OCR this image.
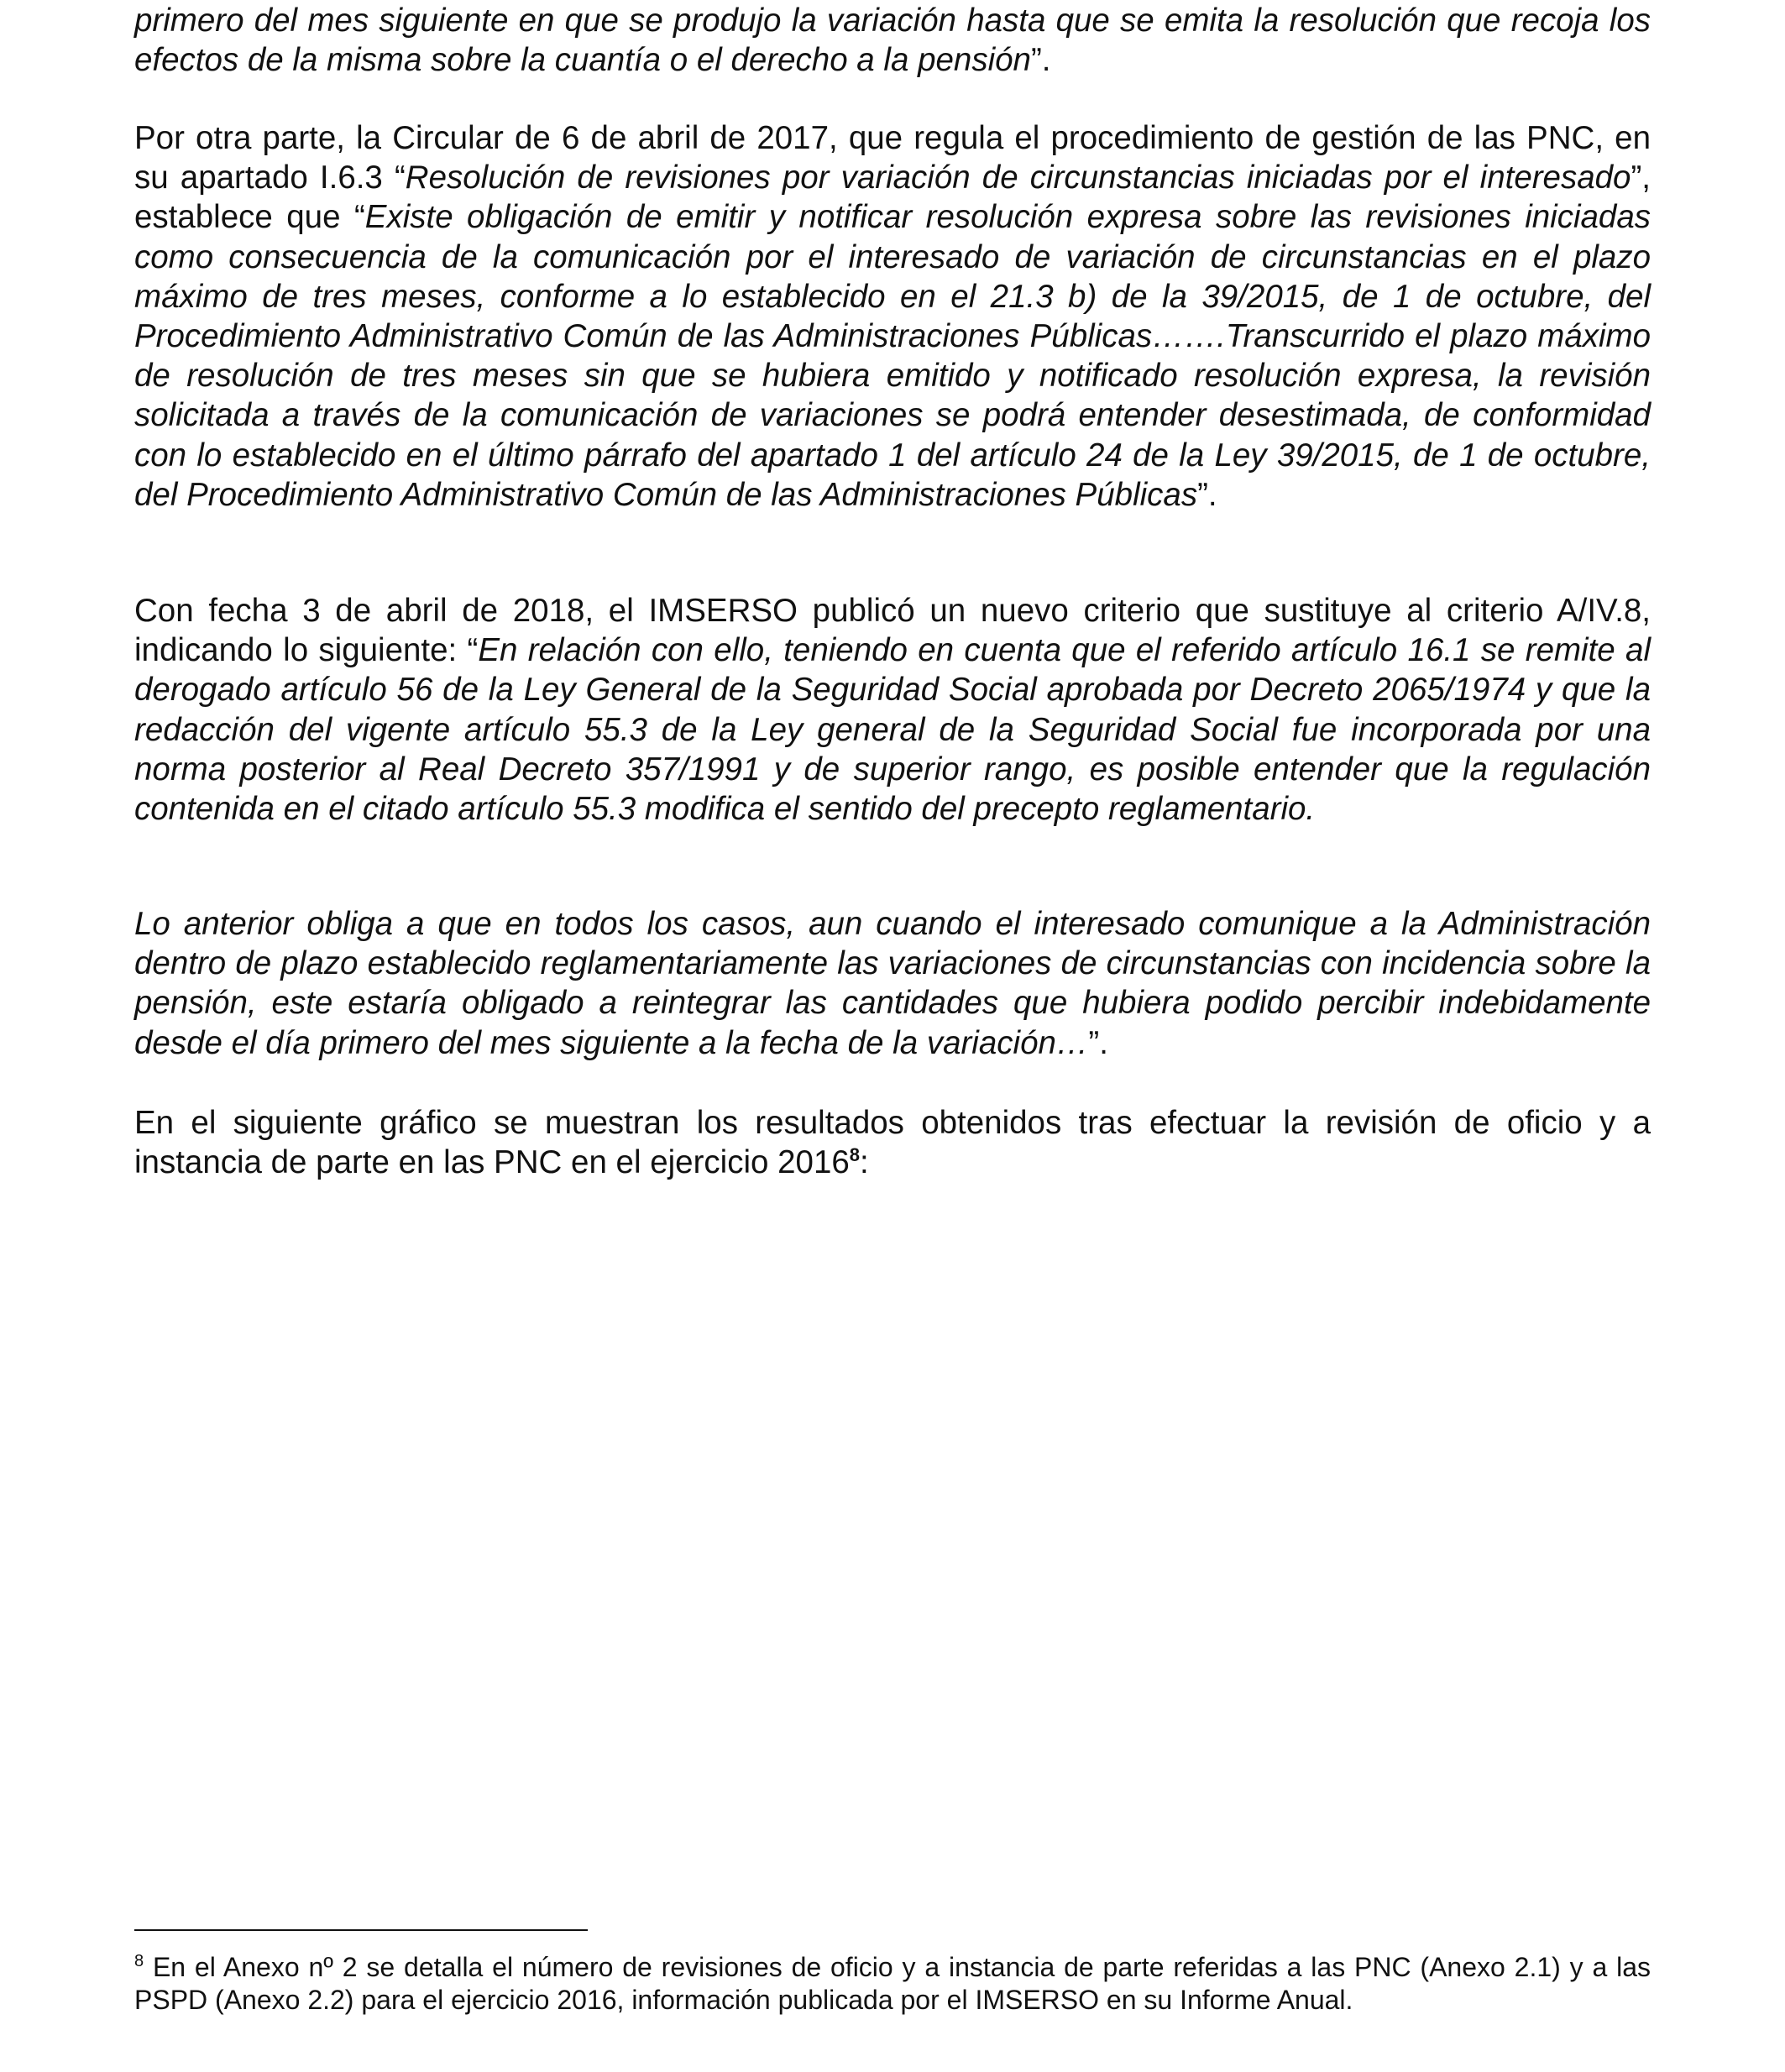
primero del mes siguiente en que se produjo la variación hasta que se emita la resolución que recoja los efectos de la misma sobre la cuantía o el derecho a la pensión”.

Por otra parte, la Circular de 6 de abril de 2017, que regula el procedimiento de gestión de las PNC, en su apartado I.6.3 “Resolución de revisiones por variación de circunstancias iniciadas por el interesado”, establece que “Existe obligación de emitir y notificar resolución expresa sobre las revisiones iniciadas como consecuencia de la comunicación por el interesado de variación de circunstancias en el plazo máximo de tres meses, conforme a lo establecido en el 21.3 b) de la 39/2015, de 1 de octubre, del Procedimiento Administrativo Común de las Administraciones Públicas…….Transcurrido el plazo máximo de resolución de tres meses sin que se hubiera emitido y notificado resolución expresa, la revisión solicitada a través de la comunicación de variaciones se podrá entender desestimada, de conformidad con lo establecido en el último párrafo del apartado 1 del artículo 24 de la Ley 39/2015, de 1 de octubre, del Procedimiento Administrativo Común de las Administraciones Públicas”.

Con fecha 3 de abril de 2018, el IMSERSO publicó un nuevo criterio que sustituye al criterio A/IV.8, indicando lo siguiente: “En relación con ello, teniendo en cuenta que el referido artículo 16.1 se remite al derogado artículo 56 de la Ley General de la Seguridad Social aprobada por Decreto 2065/1974 y que la redacción del vigente artículo 55.3 de la Ley general de la Seguridad Social fue incorporada por una norma posterior al Real Decreto 357/1991 y de superior rango, es posible entender que la regulación contenida en el citado artículo 55.3 modifica el sentido del precepto reglamentario.

Lo anterior obliga a que en todos los casos, aun cuando el interesado comunique a la Administración dentro de plazo establecido reglamentariamente las variaciones de circunstancias con incidencia sobre la pensión, este estaría obligado a reintegrar las cantidades que hubiera podido percibir indebidamente desde el día primero del mes siguiente a la fecha de la variación…”.

En el siguiente gráfico se muestran los resultados obtenidos tras efectuar la revisión de oficio y a instancia de parte en las PNC en el ejercicio 2016$^8$:

$^8$ En el Anexo nº 2 se detalla el número de revisiones de oficio y a instancia de parte referidas a las PNC (Anexo 2.1) y a las PSPD (Anexo 2.2) para el ejercicio 2016, información publicada por el IMSERSO en su Informe Anual.
